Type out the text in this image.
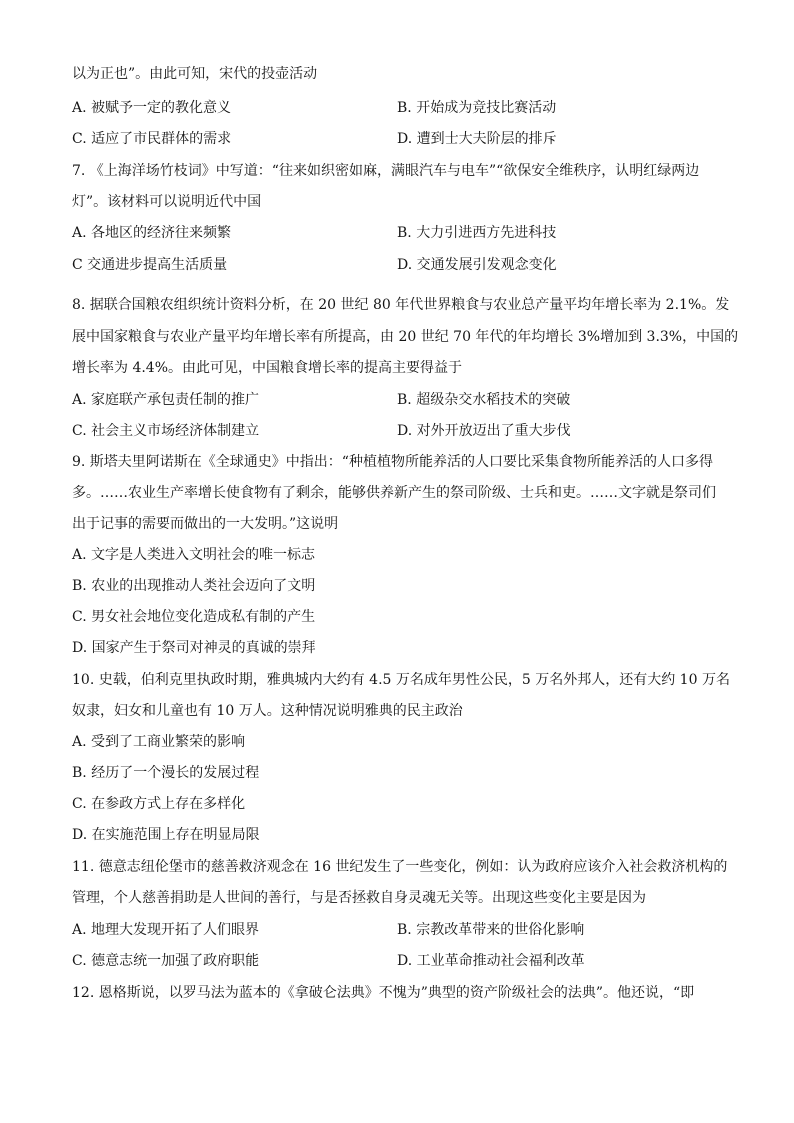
以为正也”。由此可知，宋代的投壶活动
A. 被赋予一定的教化意义	B. 开始成为竞技比赛活动
C. 适应了市民群体的需求	D. 遭到士大夫阶层的排斥
7. 《上海洋场竹枝词》中写道：“往来如织密如麻，满眼汽车与电车”“欲保安全维秩序，认明红绿两边
灯”。该材料可以说明近代中国
A. 各地区的经济往来频繁	B. 大力引进西方先进科技
C 交通进步提高生活质量	D. 交通发展引发观念变化
8. 据联合国粮农组织统计资料分析，在 20 世纪 80 年代世界粮食与农业总产量平均年增长率为 2.1%。发
展中国家粮食与农业产量平均年增长率有所提高，由 20 世纪 70 年代的年均增长 3%增加到 3.3%，中国的
增长率为 4.4%。由此可见，中国粮食增长率的提高主要得益于
A. 家庭联产承包责任制的推广	B. 超级杂交水稻技术的突破
C. 社会主义市场经济体制建立	D. 对外开放迈出了重大步伐
9. 斯塔夫里阿诺斯在《全球通史》中指出：“种植植物所能养活的人口要比采集食物所能养活的人口多得
多。……农业生产率增长使食物有了剩余，能够供养新产生的祭司阶级、士兵和吏。……文字就是祭司们
出于记事的需要而做出的一大发明。”这说明
A. 文字是人类进入文明社会的唯一标志
B. 农业的出现推动人类社会迈向了文明
C. 男女社会地位变化造成私有制的产生
D. 国家产生于祭司对神灵的真诚的崇拜
10. 史载，伯利克里执政时期，雅典城内大约有 4.5 万名成年男性公民，5 万名外邦人，还有大约 10 万名
奴隶，妇女和儿童也有 10 万人。这种情况说明雅典的民主政治
A. 受到了工商业繁荣的影响
B. 经历了一个漫长的发展过程
C. 在参政方式上存在多样化
D. 在实施范围上存在明显局限
11. 德意志纽伦堡市的慈善救济观念在 16 世纪发生了一些变化，例如：认为政府应该介入社会救济机构的
管理，个人慈善捐助是人世间的善行，与是否拯救自身灵魂无关等。出现这些变化主要是因为
A. 地理大发现开拓了人们眼界	B. 宗教改革带来的世俗化影响
C. 德意志统一加强了政府职能	D. 工业革命推动社会福利改革
12. 恩格斯说，以罗马法为蓝本的《拿破仑法典》不愧为”典型的资产阶级社会的法典”。他还说，“即
